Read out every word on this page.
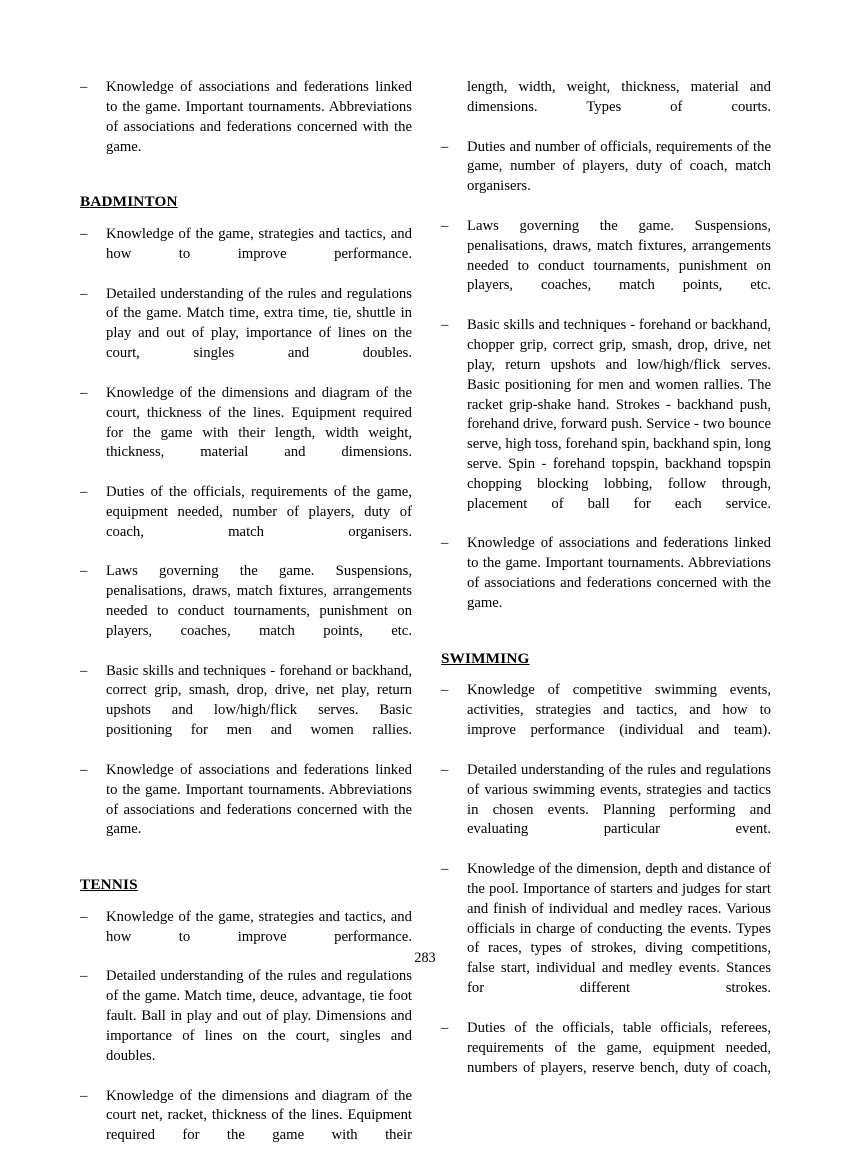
–	Knowledge of associations and federations linked to the game. Important tournaments. Abbreviations of associations and federations concerned with the game.
BADMINTON
–	Knowledge of the game, strategies and tactics, and how to improve performance.
–	Detailed understanding of the rules and regulations of the game. Match time, extra time, tie, shuttle in play and out of play, importance of lines on the court, singles and doubles.
–	Knowledge of the dimensions and diagram of the court, thickness of the lines. Equipment required for the game with their length, width weight, thickness, material and dimensions.
–	Duties of the officials, requirements of the game, equipment needed, number of players, duty of coach, match organisers.
–	Laws governing the game. Suspensions, penalisations, draws, match fixtures, arrangements needed to conduct tournaments, punishment on players, coaches, match points, etc.
–	Basic skills and techniques - forehand or backhand, correct grip, smash, drop, drive, net play, return upshots and low/high/flick serves. Basic positioning for men and women rallies.
–	Knowledge of associations and federations linked to the game. Important tournaments. Abbreviations of associations and federations concerned with the game.
TENNIS
–	Knowledge of the game, strategies and tactics, and how to improve performance.
–	Detailed understanding of the rules and regulations of the game. Match time, deuce, advantage, tie foot fault. Ball in play and out of play. Dimensions and importance of lines on the court, singles and doubles.
–	Knowledge of the dimensions and diagram of the court net, racket, thickness of the lines. Equipment required for the game with their
length, width, weight, thickness, material and dimensions. Types of courts.
–	Duties and number of officials, requirements of the game, number of players, duty of coach, match organisers.
–	Laws governing the game. Suspensions, penalisations, draws, match fixtures, arrangements needed to conduct tournaments, punishment on players, coaches, match points, etc.
–	Basic skills and techniques - forehand or backhand, chopper grip, correct grip, smash, drop, drive, net play, return upshots and low/high/flick serves. Basic positioning for men and women rallies. The racket grip-shake hand. Strokes - backhand push, forehand drive, forward push. Service - two bounce serve, high toss, forehand spin, backhand spin, long serve. Spin - forehand topspin, backhand topspin chopping blocking lobbing, follow through, placement of ball for each service.
–	Knowledge of associations and federations linked to the game. Important tournaments. Abbreviations of associations and federations concerned with the game.
SWIMMING
–	Knowledge of competitive swimming events, activities, strategies and tactics, and how to improve performance (individual and team).
–	Detailed understanding of the rules and regulations of various swimming events, strategies and tactics in chosen events. Planning performing and evaluating particular event.
–	Knowledge of the dimension, depth and distance of the pool. Importance of starters and judges for start and finish of individual and medley races. Various officials in charge of conducting the events. Types of races, types of strokes, diving competitions, false start, individual and medley events. Stances for different strokes.
–	Duties of the officials, table officials, referees, requirements of the game, equipment needed, numbers of players, reserve bench, duty of coach,
283
